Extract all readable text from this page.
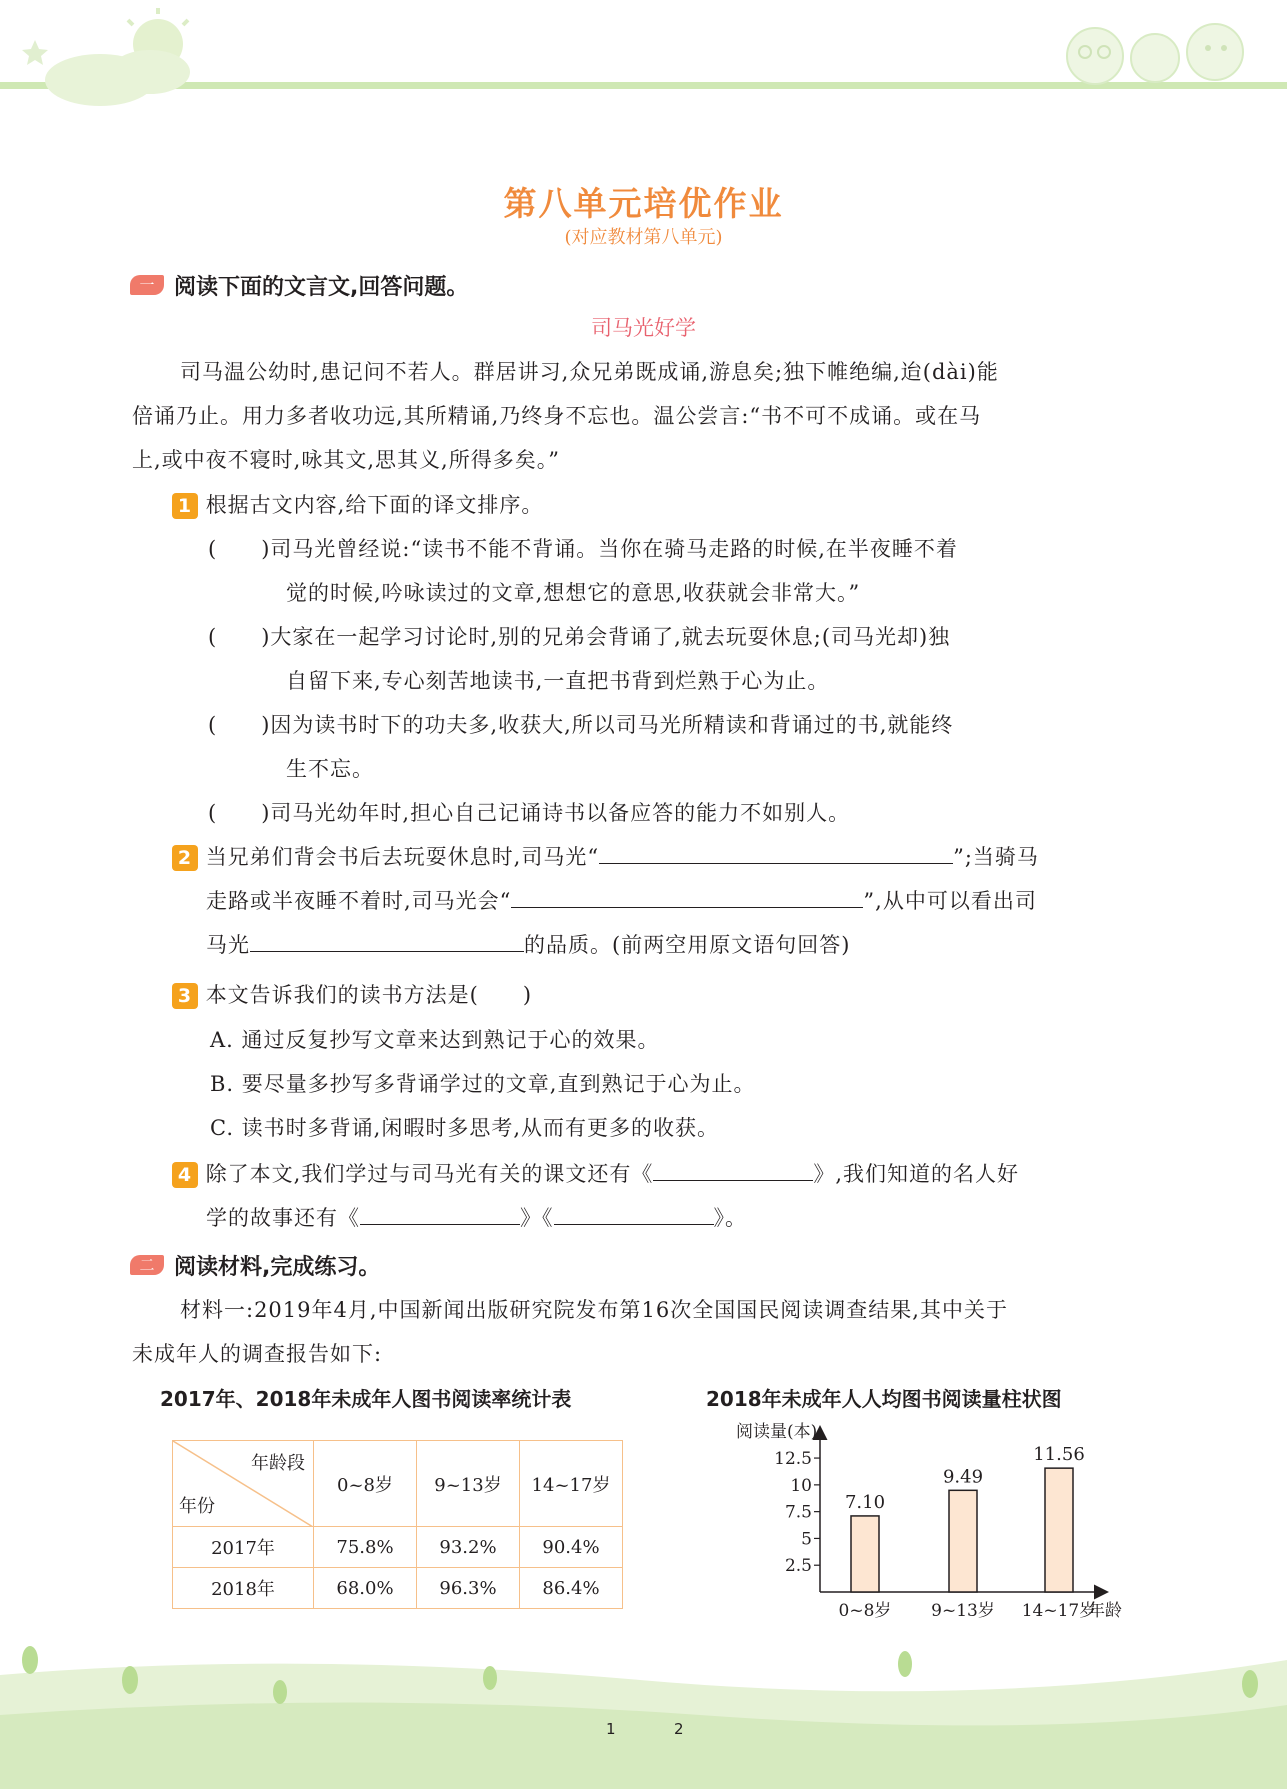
第八单元培优作业
(对应教材第八单元)
一 阅读下面的文言文,回答问题。
司马光好学
司马温公幼时,患记问不若人。群居讲习,众兄弟既成诵,游息矣;独下帷绝编,迨(dài)能
倍诵乃止。用力多者收功远,其所精诵,乃终身不忘也。温公尝言:“书不可不成诵。或在马
上,或中夜不寝时,咏其文,思其义,所得多矣。”
1 根据古文内容,给下面的译文排序。
(　　)司马光曾经说:“读书不能不背诵。当你在骑马走路的时候,在半夜睡不着
觉的时候,吟咏读过的文章,想想它的意思,收获就会非常大。”
(　　)大家在一起学习讨论时,别的兄弟会背诵了,就去玩耍休息;(司马光却)独
自留下来,专心刻苦地读书,一直把书背到烂熟于心为止。
(　　)因为读书时下的功夫多,收获大,所以司马光所精读和背诵过的书,就能终
生不忘。
(　　)司马光幼年时,担心自己记诵诗书以备应答的能力不如别人。
2 当兄弟们背会书后去玩耍休息时,司马光“	”;当骑马
走路或半夜睡不着时,司马光会“	”,从中可以看出司
马光	的品质。(前两空用原文语句回答)
3 本文告诉我们的读书方法是(　　)
A. 通过反复抄写文章来达到熟记于心的效果。
B. 要尽量多抄写多背诵学过的文章,直到熟记于心为止。
C. 读书时多背诵,闲暇时多思考,从而有更多的收获。
4 除了本文,我们学过与司马光有关的课文还有《	》,我们知道的名人好
学的故事还有《	》《	》。
二 阅读材料,完成练习。
材料一:2019年4月,中国新闻出版研究院发布第16次全国国民阅读调查结果,其中关于
未成年人的调查报告如下:
2017年、2018年未成年人图书阅读率统计表
年龄段
年份	0~8岁	9~13岁	14~17岁
2017年	75.8%	93.2%	90.4%
2018年	68.0%	96.3%	86.4%
2018年未成年人人均图书阅读量柱状图
阅读量(本)
年龄
2.5
5
7.5
10
12.5
7.10
0~8岁
9.49
9~13岁
11.56
14~17岁
1	2
